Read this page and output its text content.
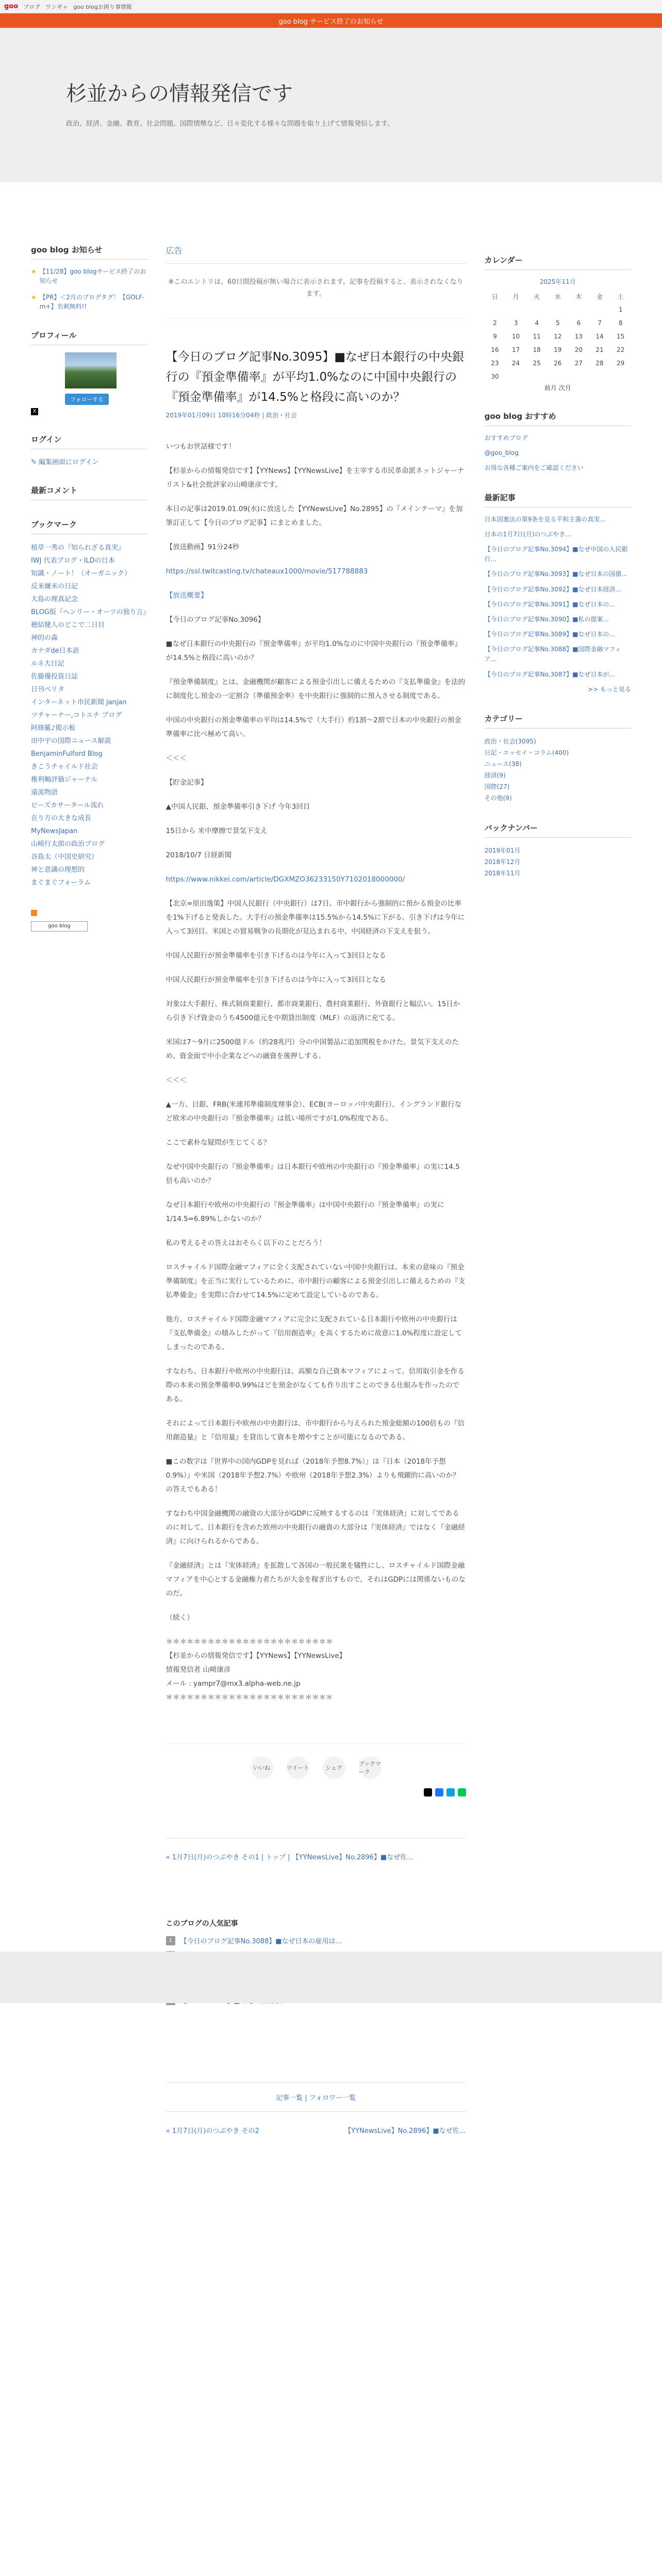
goo ブログ ワンギャ goo blogお困り事情報
ウェブ
goo blog サービス終了のお知らせ
杉並からの情報発信です
政治、経済、金融、教育、社会問題、国際情勢など、日々変化する様々な問題を取り上げて情報発信します。
goo blog お知らせ
★ 【11/28】goo blogサービス終了のお知らせ
★ 【PR】＜2月のブログタグ！【GOLF-m+】名刺無料!!
プロフィール
フォローする
X
ログイン
✎ 編集画面にログイン
最新コメント
ブックマーク
植草一秀の『知られざる真実』
IWJ 代表ブログ・ILDの日本
知識・ノート！（オーガニック）
反米嫌米の日記
大島の理真記念
BLOG版『ヘンリー・オーツの独り言』
穂結健人のどこで二日目
神的の森
カナダde日本語
ルネ大日記
佐藤優投資日誌
日刊ベリタ
インターネット市民新聞 janjan
ツチャーナー,コトエチ ブログ
阿修羅♪掲示板
田中宇の国際ニュース解説
BenjaminFulford Blog
きこうチャイルド社会
権利軸評価ジャーナル
遠流物語
ビーズカサータール流れ
在り方の大きな成長
MyNewsJapan
山崎行太郎の政治ブログ
谷島太（中国史研究）
神と意識の理想的
まぐまぐフォーラム
goo blog
広告
※このエントリは、60日間投稿が無い場合に表示されます。記事を投稿すると、表示されなくなります。
【今日のブログ記事No.3095】■なぜ日本銀行の中央銀行の『預金準備率』が平均1.0%なのに中国中央銀行の『預金準備率』が14.5%と格段に高いのか？
2019年01月09日 10時16分04秒 | 政治・社会

いつもお世話様です！

【杉並からの情報発信です】【YYNews】【YYNewsLive】を主宰する市民革命派ネットジャーナリスト&社会批評家の山崎康彦です。

本日の記事は2019.01.09(水)に放送した【YYNewsLive】No.2895】の『メインテーマ』を加筆訂正して【今日のブログ記事】にまとめました。

【放送動画】91分24秒

https://ssl.twitcasting.tv/chateaux1000/movie/517788883

【放送概要】

【今日のブログ記事No.3096】

■なぜ日本銀行の中央銀行の『預金準備率』が平均1.0%なのに中国中央銀行の『預金準備率』が14.5%と格段に高いのか？

『預金準備制度』とは、金融機関が顧客による預金引出しに備えるための『支払準備金』を法的に制度化し預金の一定割合（準備預金率）を中央銀行に強制的に預入させる制度である。

中国の中央銀行の預金準備率の平均は14.5%で（大手行）約1割～2割で日本の中央銀行の預金準備率に比べ極めて高い。

＜＜＜

【貯金記事】

▲中国人民銀、預金準備率引き下げ 今年3回目

15日から 米中摩擦で景気下支え

2018/10/7 日経新聞

https://www.nikkei.com/article/DGXMZO36233150Y7102018000000/

【北京=原田逸策】中国人民銀行（中央銀行）は7日、市中銀行から強制的に預かる預金の比率を1%下げると発表した。大手行の預金準備率は15.5%から14.5%に下がる。引き下げは今年に入って3回目。米国との貿易戦争の長期化が見込まれる中、中国経済の下支えを狙う。

中国人民銀行が預金準備率を引き下げるのは今年に入って3回目となる

中国人民銀行が預金準備率を引き下げるのは今年に入って3回目となる

対象は大手銀行、株式制商業銀行、都市商業銀行、農村商業銀行、外資銀行と幅広い。15日から引き下げ資金のうち4500億元を中期貸出制度（MLF）の返済に充てる。

米国は7～9月に2500億ドル（約28兆円）分の中国製品に追加関税をかけた。景気下支えのため、資金面で中小企業などへの融資を後押しする。

＜＜＜

▲一方、日銀、FRB(米連邦準備制度理事会）、ECB(ヨーロッパ中央銀行）、イングランド銀行など欧米の中央銀行の『預金準備率』は低い場所ですが1.0%程度である。

ここで素朴な疑問が生じてくる？

なぜ中国中央銀行の『預金準備率』は日本銀行や欧州の中央銀行の『預金準備率』の実に14.5倍も高いのか？

なぜ日本銀行や欧州の中央銀行の『預金準備率』は中国中央銀行の『預金準備率』の実に1/14.5=6.89%しかないのか？

私の考えるその答えはおそらく以下のことだろう！

ロスチャイルド国際金融マフィアに全く支配されていない中国中央銀行は、本来の意味の『預金準備制度』を正当に実行しているために、市中銀行の顧客による預金引出しに備えるための『支払準備金』を実際に合わせて14.5%に定めて設定しているのである。

他方、ロスチャイルド国際金融マフィアに完全に支配されている日本銀行や欧州の中央銀行は『支払準備金』の積みしたがって『信用創造率』を高くするために故意に1.0%程度に設定してしまったのである。

すなわち、日本銀行や欧州の中央銀行は、高額な自己資本マフィアによって、信用取引金を作る際の本来の預金準備率0.99%ほどを預金がなくても作り出すことのできる仕組みを作ったのである。

それによって日本銀行や欧州の中央銀行は、市中銀行から与えられた預金総額の100倍もの『信用創造量』と『信用量』を貸出して資本を増やすことが可能になるのである。

■この数字は『世界中の国内GDPを見れば（2018年予想8.7%）』は『日本（2018年予想0.9%）』や米国（2018年予想2.7%）や欧州（2018年予想2.3%）よりも飛躍的に高いのか？ の答えでもある！

すなわち中国金融機関の融資の大部分がGDPに反映するするのは『実体経済』に対してであるのに対して、日本銀行を含めた欧州の中央銀行の融資の大部分は『実体経済』ではなく『金融経済』に向けられるからである。

『金融経済』とは『実体経済』を拡散して各国の一般民衆を犠牲にし、ロスチャイルド国際金融マフィアを中心とする金融権力者たちが大金を稼ぎ出すもので、それはGDPには関係ないものなのだ。

（続く）

＊＊＊＊＊＊＊＊＊＊＊＊＊＊＊＊＊＊＊＊＊＊＊＊
【杉並からの情報発信です】【YYNews】【YYNewsLive】
情報発信者 山崎康彦
メール : yampr7@mx3.alpha-web.ne.jp
＊＊＊＊＊＊＊＊＊＊＊＊＊＊＊＊＊＊＊＊＊＊＊＊

いいね	ツイート	シェア
ブックマーク
« 1月7日(月)のつぶやき その1 | トップ | 【YYNewsLive】No.2896】■なぜ佐…
このブログの人気記事
1	【今日のブログ記事No.3088】■なぜ日本の雇用は...
記事一覧 | フォロワー一覧
« 1月7日(月)のつぶやき その2	【YYNewsLive】No.2896】■なぜ佐…
カレンダー
2025年11月
日	月	火	水	木	金	土
						1
2	3	4	5	6	7	8
9	10	11	12	13	14	15
16	17	18	19	20	21	22
23	24	25	26	27	28	29
30						
前月 次月
goo blog おすすめ
おすすめブログ
@goo_blog
お得な各種ご案内をご確認ください
最新記事
日本国憲法の第9条を見る平和主義の真実...
日本の1月7日(月)のつぶやき...
【今日のブログ記事No.3094】■なぜ中国の人民銀行...
【今日のブログ記事No.3093】■なぜ日本の国債...
【今日のブログ記事No.3092】■なぜ日本経済...
【今日のブログ記事No.3091】■なぜ日本の...
【今日のブログ記事No.3090】■私の提案...
【今日のブログ記事No.3089】■なぜ日本の...
【今日のブログ記事No.3088】■国際金融マフィア...
【今日のブログ記事No.3087】■なぜ日本が...
>> もっと見る
カテゴリー
政治・社会(3095)
日記・エッセイ・コラム(400)
ニュース(38)
経済(9)
国際(27)
その他(9)
バックナンバー
2019年01月
2018年12月
2018年11月
